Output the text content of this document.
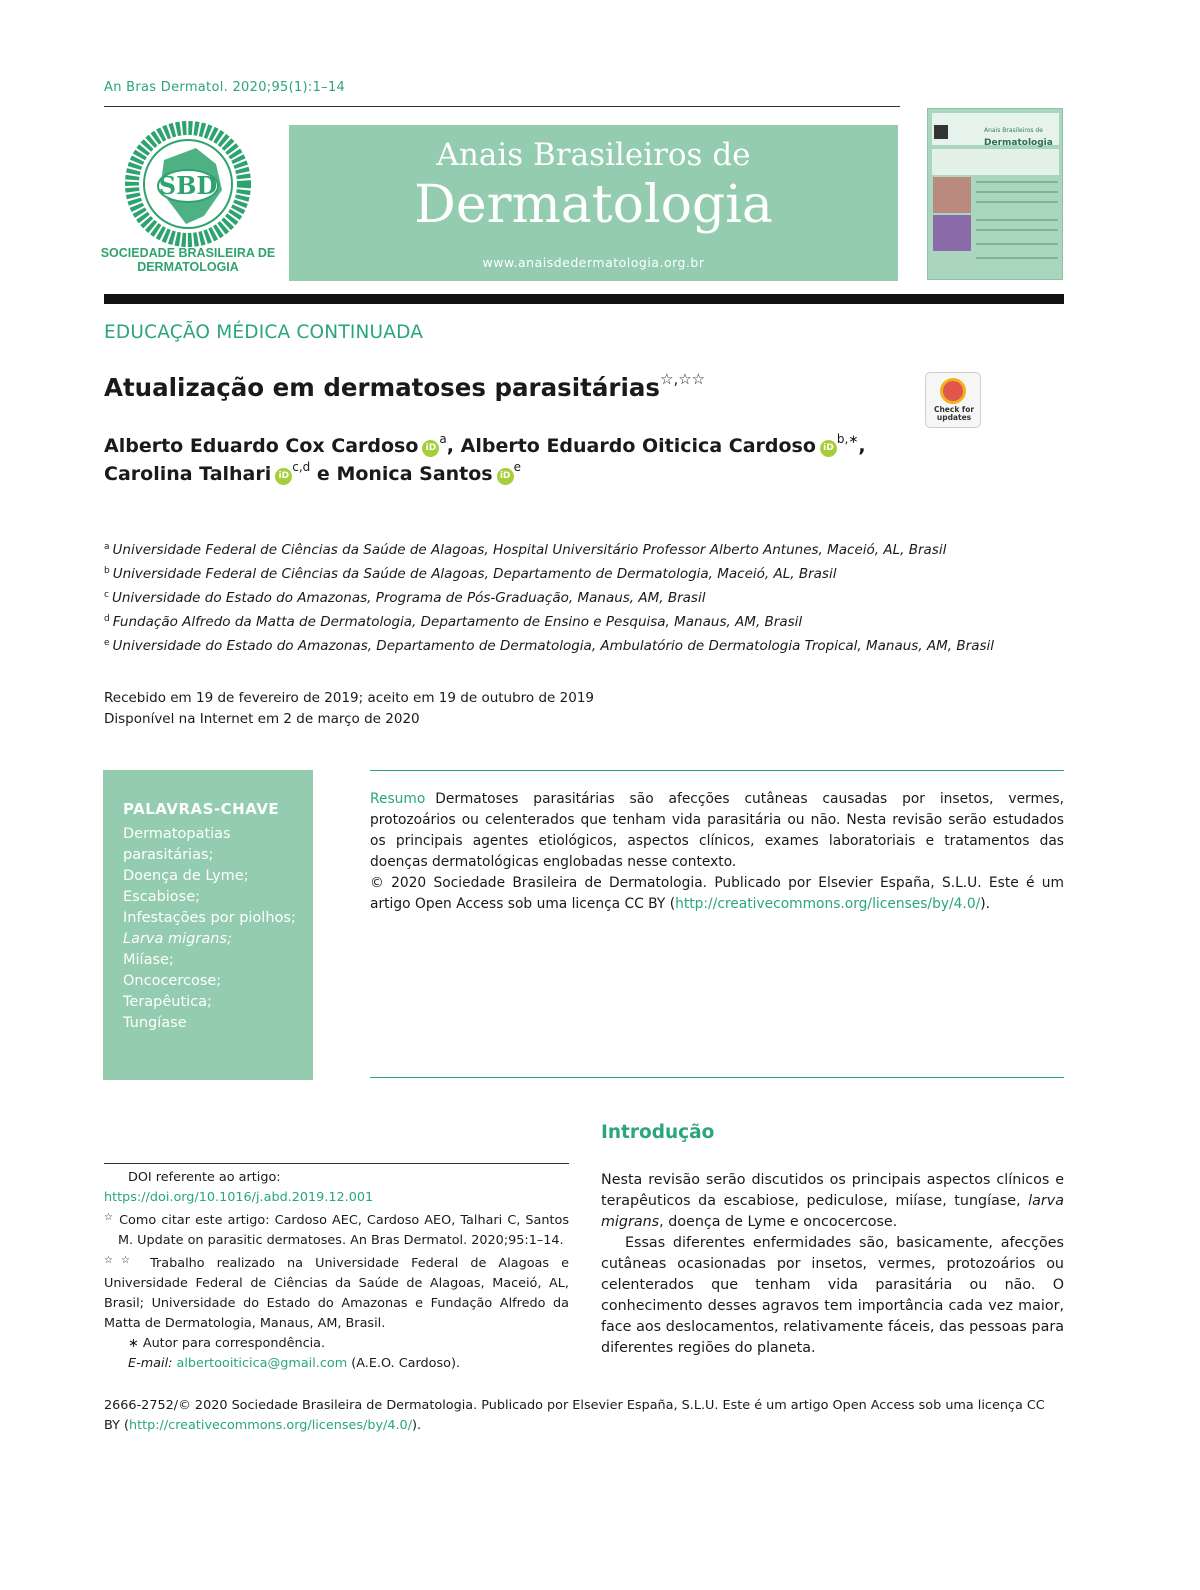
An Bras Dermatol. 2020;95(1):1–14
SBD
SOCIEDADE BRASILEIRA DE DERMATOLOGIA
Anais Brasileiros de
Dermatologia
www.anaisdedermatologia.org.br
Anais Brasileiros de
Dermatologia
EDUCAÇÃO MÉDICA CONTINUADA
Atualização em dermatoses parasitárias☆,☆☆
Check for updates
Alberto Eduardo Cox Cardoso iD$^a$, Alberto Eduardo Oiticica Cardoso iD$^{b,∗}$,
Carolina Talhari iD$^{c,d}$ e Monica Santos iD$^e$
$^a$ Universidade Federal de Ciências da Saúde de Alagoas, Hospital Universitário Professor Alberto Antunes, Maceió, AL, Brasil
$^b$ Universidade Federal de Ciências da Saúde de Alagoas, Departamento de Dermatologia, Maceió, AL, Brasil
$^c$ Universidade do Estado do Amazonas, Programa de Pós-Graduação, Manaus, AM, Brasil
$^d$ Fundação Alfredo da Matta de Dermatologia, Departamento de Ensino e Pesquisa, Manaus, AM, Brasil
$^e$ Universidade do Estado do Amazonas, Departamento de Dermatologia, Ambulatório de Dermatologia Tropical, Manaus, AM, Brasil
Recebido em 19 de fevereiro de 2019; aceito em 19 de outubro de 2019
Disponível na Internet em 2 de março de 2020
PALAVRAS-CHAVE
Dermatopatias parasitárias;
Doença de Lyme;
Escabiose;
Infestações por piolhos;
Larva migrans;
Miíase;
Oncocercose;
Terapêutica;
Tungíase
Resumo Dermatoses parasitárias são afecções cutâneas causadas por insetos, vermes, protozoários ou celenterados que tenham vida parasitária ou não. Nesta revisão serão estudados os principais agentes etiológicos, aspectos clínicos, exames laboratoriais e tratamentos das doenças dermatológicas englobadas nesse contexto.
© 2020 Sociedade Brasileira de Dermatologia. Publicado por Elsevier España, S.L.U. Este é um artigo Open Access sob uma licença CC BY (http://creativecommons.org/licenses/by/4.0/).
Introdução

Nesta revisão serão discutidos os principais aspectos clínicos e terapêuticos da escabiose, pediculose, miíase, tungíase, larva migrans, doença de Lyme e oncocercose.

Essas diferentes enfermidades são, basicamente, afecções cutâneas ocasionadas por insetos, vermes, protozoários ou celenterados que tenham vida parasitária ou não. O conhecimento desses agravos tem importância cada vez maior, face aos deslocamentos, relativamente fáceis, das pessoas para diferentes regiões do planeta.

DOI referente ao artigo:
https://doi.org/10.1016/j.abd.2019.12.001
☆ Como citar este artigo: Cardoso AEC, Cardoso AEO, Talhari C, Santos M. Update on parasitic dermatoses. An Bras Dermatol. 2020;95:1–14.
☆☆ Trabalho realizado na Universidade Federal de Alagoas e Universidade Federal de Ciências da Saúde de Alagoas, Maceió, AL, Brasil; Universidade do Estado do Amazonas e Fundação Alfredo da Matta de Dermatologia, Manaus, AM, Brasil.
∗ Autor para correspondência.
E-mail: albertooiticica@gmail.com (A.E.O. Cardoso).
2666-2752/© 2020 Sociedade Brasileira de Dermatologia. Publicado por Elsevier España, S.L.U. Este é um artigo Open Access sob uma licença CC BY (http://creativecommons.org/licenses/by/4.0/).
